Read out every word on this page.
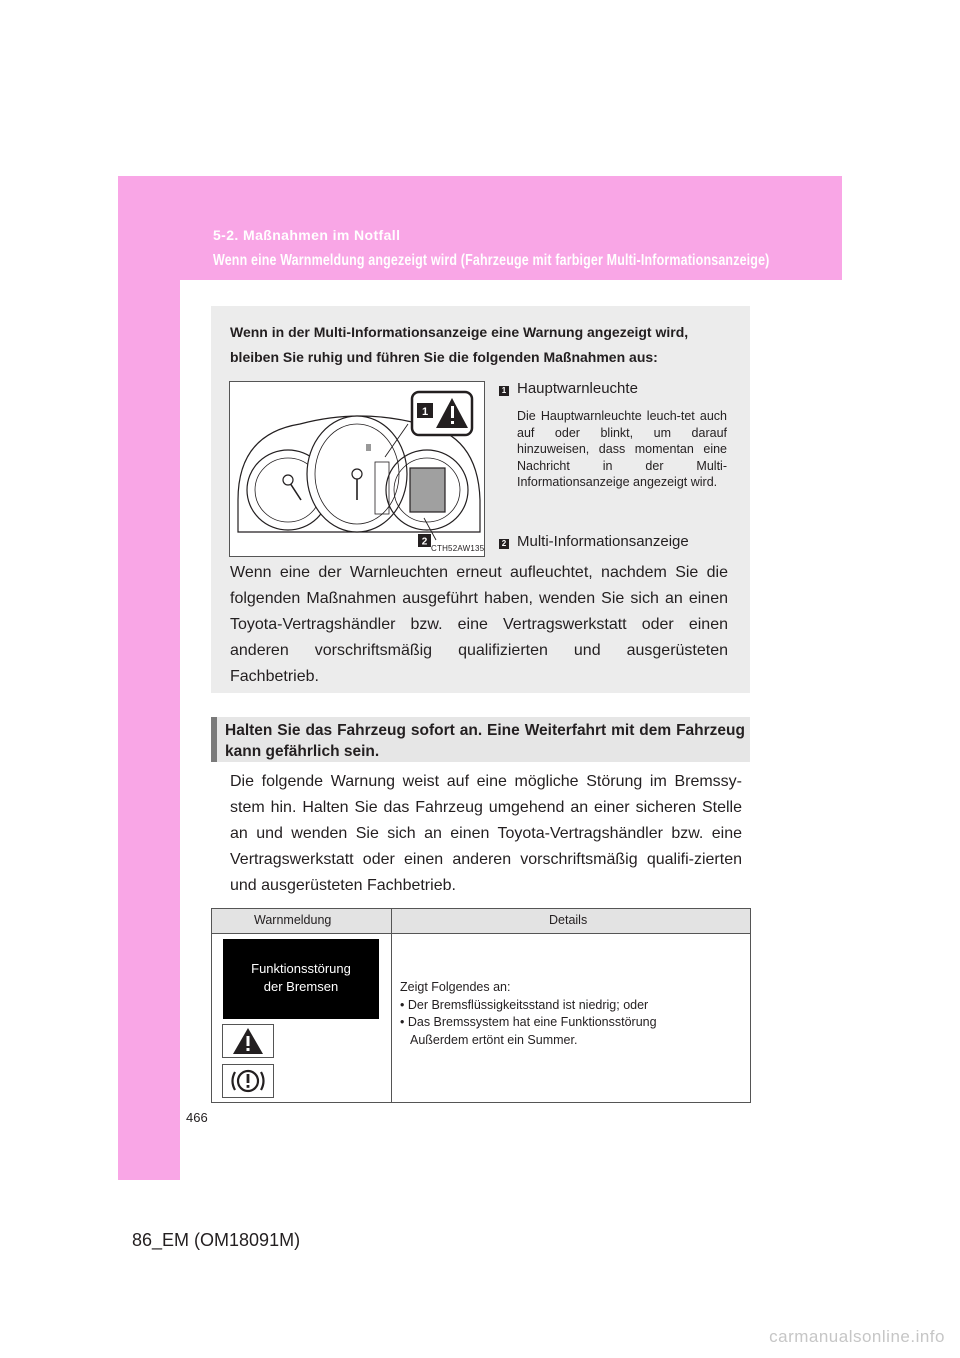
5-2. Maßnahmen im Notfall
Wenn eine Warnmeldung angezeigt wird (Fahrzeuge mit farbiger Multi-Informationsanzeige)
466
Wenn in der Multi-Informationsanzeige eine Warnung angezeigt wird, bleiben Sie ruhig und führen Sie die folgenden Maßnahmen aus:
1
2
CTH52AW135
1 Hauptwarnleuchte
Die Hauptwarnleuchte leuch-tet auch auf oder blinkt, um darauf hinzuweisen, dass momentan eine Nachricht in der Multi-Informationsanzeige angezeigt wird.
2 Multi-Informationsanzeige
Wenn eine der Warnleuchten erneut aufleuchtet, nachdem Sie die folgenden Maßnahmen ausgeführt haben, wenden Sie sich an einen Toyota-Vertragshändler bzw. eine Vertragswerkstatt oder einen anderen vorschriftsmäßig qualifizierten und ausgerüsteten Fachbetrieb.
Halten Sie das Fahrzeug sofort an. Eine Weiterfahrt mit dem Fahrzeug kann gefährlich sein.
Die folgende Warnung weist auf eine mögliche Störung im Bremssy-stem hin. Halten Sie das Fahrzeug umgehend an einer sicheren Stelle an und wenden Sie sich an einen Toyota-Vertragshändler bzw. eine Vertragswerkstatt oder einen anderen vorschriftsmäßig qualifi-zierten und ausgerüsteten Fachbetrieb.
Warnmeldung	Details
Funktionsstörung
der Bremsen	Zeigt Folgendes an:
• Der Bremsflüssigkeitsstand ist niedrig; oder
• Das Bremssystem hat eine Funktionsstörung
Außerdem ertönt ein Summer.
86_EM (OM18091M)
carmanualsonline.info
